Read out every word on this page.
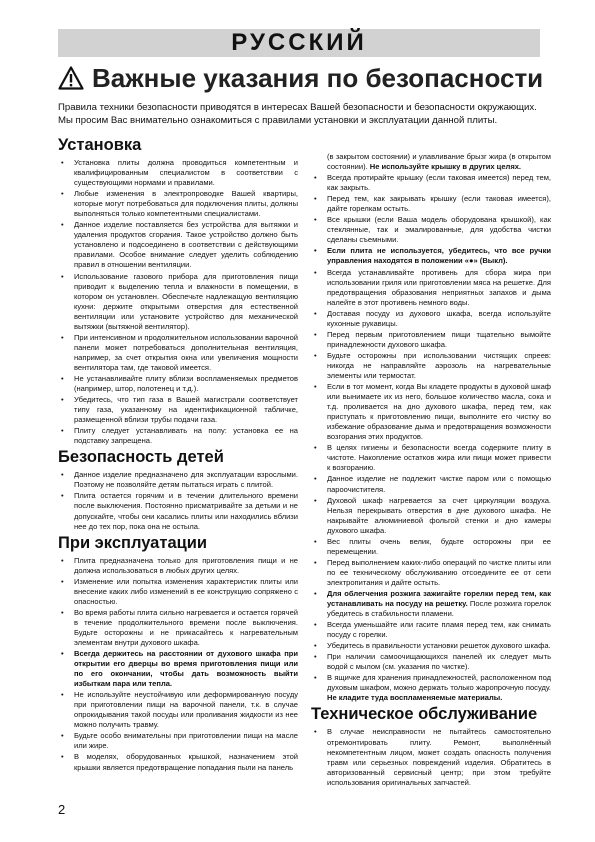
РУССКИЙ
Важные указания по безопасности
Правила техники безопасности приводятся в интересах Вашей безопасности и безопасности окружающих. Мы просим Вас внимательно ознакомиться с правилами установки и эксплуатации данной плиты.
Установка
• Установка плиты должна проводиться компетентным и квалифицированным специалистом в соответствии с существующими нормами и правилами.
• Любые изменения в электропроводке Вашей квартиры, которые могут потребоваться для подключения плиты, должны выполняться только компетентными специалистами.
• Данное изделие поставляется без устройства для вытяжки и удаления продуктов сгорания. Такое устройство должно быть установлено и подсоединено в соответствии с действующими правилами. Особое внимание следует уделить соблюдению правил в отношении вентиляции.
• Использование газового прибора для приготовления пищи приводит к выделению тепла и влажности в помещении, в котором он установлен. Обеспечьте надлежащую вентиляцию кухни: держите открытыми отверстия для естественной вентиляции или установите устройство для механической вытяжки (вытяжной вентилятор).
• При интенсивном и продолжительном использовании варочной панели может потребоваться дополнительная вентиляция, например, за счет открытия окна или увеличения мощности вентилятора там, где таковой имеется.
• Не устанавливайте плиту вблизи воспламеняемых предметов (например, штор, полотенец и т.д.).
• Убедитесь, что тип газа в Вашей магистрали соответствует типу газа, указанному на идентификационной табличке, размещенной вблизи трубы подачи газа.
• Плиту следует устанавливать на полу: установка ее на подставку запрещена.
Безопасность детей
• Данное изделие предназначено для эксплуатации взрослыми. Поэтому не позволяйте детям пытаться играть с плитой.
• Плита остается горячим и в течении длительного времени после выключения. Постоянно присматривайте за детьми и не допускайте, чтобы они касались плиты или находились вблизи нее до тех пор, пока она не остыла.
При эксплуатации
• Плита предназначена только для приготовления пищи и не должна использоваться в любых других целях.
• Изменение или попытка изменения характеристик плиты или внесение каких либо изменений в ее конструкцию сопряжено с опасностью.
• Во время работы плита сильно нагревается и остается горячей в течение продолжительного времени после выключения. Будьте осторожны и не прикасайтесь к нагревательным элементам внутри духового шкафа.
• Всегда держитесь на расстоянии от духового шкафа при открытии его дверцы во время приготовления пищи или по его окончании, чтобы дать возможность выйти избыткам пара или тепла.
• Не используйте неустойчивую или деформированную посуду при приготовлении пищи на варочной панели, т.к. в случае опрокидывания такой посуды или проливания жидкости из нее можно получить травму.
• Будьте особо внимательны при приготовлении пищи на масле или жире.
• В моделях, оборудованных крышкой, назначением этой крышки является предотвращение попадания пыли на панель
(в закрытом состоянии) и улавливание брызг жира (в открытом состоянии). Не используйте крышку в других целях.
• Всегда протирайте крышку (если таковая имеется) перед тем, как закрыть.
• Перед тем, как закрывать крышку (если таковая имеется), дайте горелкам остыть.
• Все крышки (если Ваша модель оборудована крышкой), как стеклянные, так и эмалированные, для удобства чистки сделаны съемными.
• Если плита не используется, убедитесь, что все ручки управления находятся в положении «●» (Выкл).
• Всегда устанавливайте противень для сбора жира при использовании гриля или приготовлении мяса на решетке. Для предотвращения образования неприятных запахов и дыма налейте в этот противень немного воды.
• Доставая посуду из духового шкафа, всегда используйте кухонные рукавицы.
• Перед первым приготовлением пищи тщательно вымойте принадлежности духового шкафа.
• Будьте осторожны при использовании чистящих спреев: никогда не направляйте аэрозоль на нагревательные элементы или термостат.
• Если в тот момент, когда Вы кладете продукты в духовой шкаф или вынимаете их из него, большое количество масла, сока и т.д. проливается на дно духового шкафа, перед тем, как приступать к приготовлению пищи, выполните его чистку во избежание образование дыма и предотвращения возможности возгорания этих продуктов.
• В целях гигиены и безопасности всегда содержите плиту в чистоте. Накопление остатков жира или пищи может привести к возгоранию.
• Данное изделие не подлежит чистке паром или с помощью пароочистителя.
• Духовой шкаф нагревается за счет циркуляции воздуха. Нельзя перекрывать отверстия в дне духового шкафа. Не накрывайте алюминиевой фольгой стенки и дно камеры духового шкафа.
• Вес плиты очень велик, будьте осторожны при ее перемещении.
• Перед выполнением каких-либо операций по чистке плиты или по ее техническому обслуживанию отсоедините ее от сети электропитания и дайте остыть.
• Для облегчения розжига зажигайте горелки перед тем, как устанавливать на посуду на решетку. После розжига горелок убедитесь в стабильности пламени.
• Всегда уменьшайте или гасите пламя перед тем, как снимать посуду с горелки.
• Убедитесь в правильности установки решеток духового шкафа.
• При наличии самоочищающихся панелей их следует мыть водой с мылом (см. указания по чистке).
• В ящичке для хранения принадлежностей, расположенном под духовым шкафом, можно держать только жаропрочную посуду. Не кладите туда воспламеняемые материалы.
Техническое обслуживание
• В случае неисправности не пытайтесь самостоятельно отремонтировать плиту. Ремонт, выполнённый некомпетентным лицом, может создать опасность получения травм или серьезных повреждений изделия. Обратитесь в авторизованный сервисный центр; при этом требуйте использования оригинальных запчастей.
2
